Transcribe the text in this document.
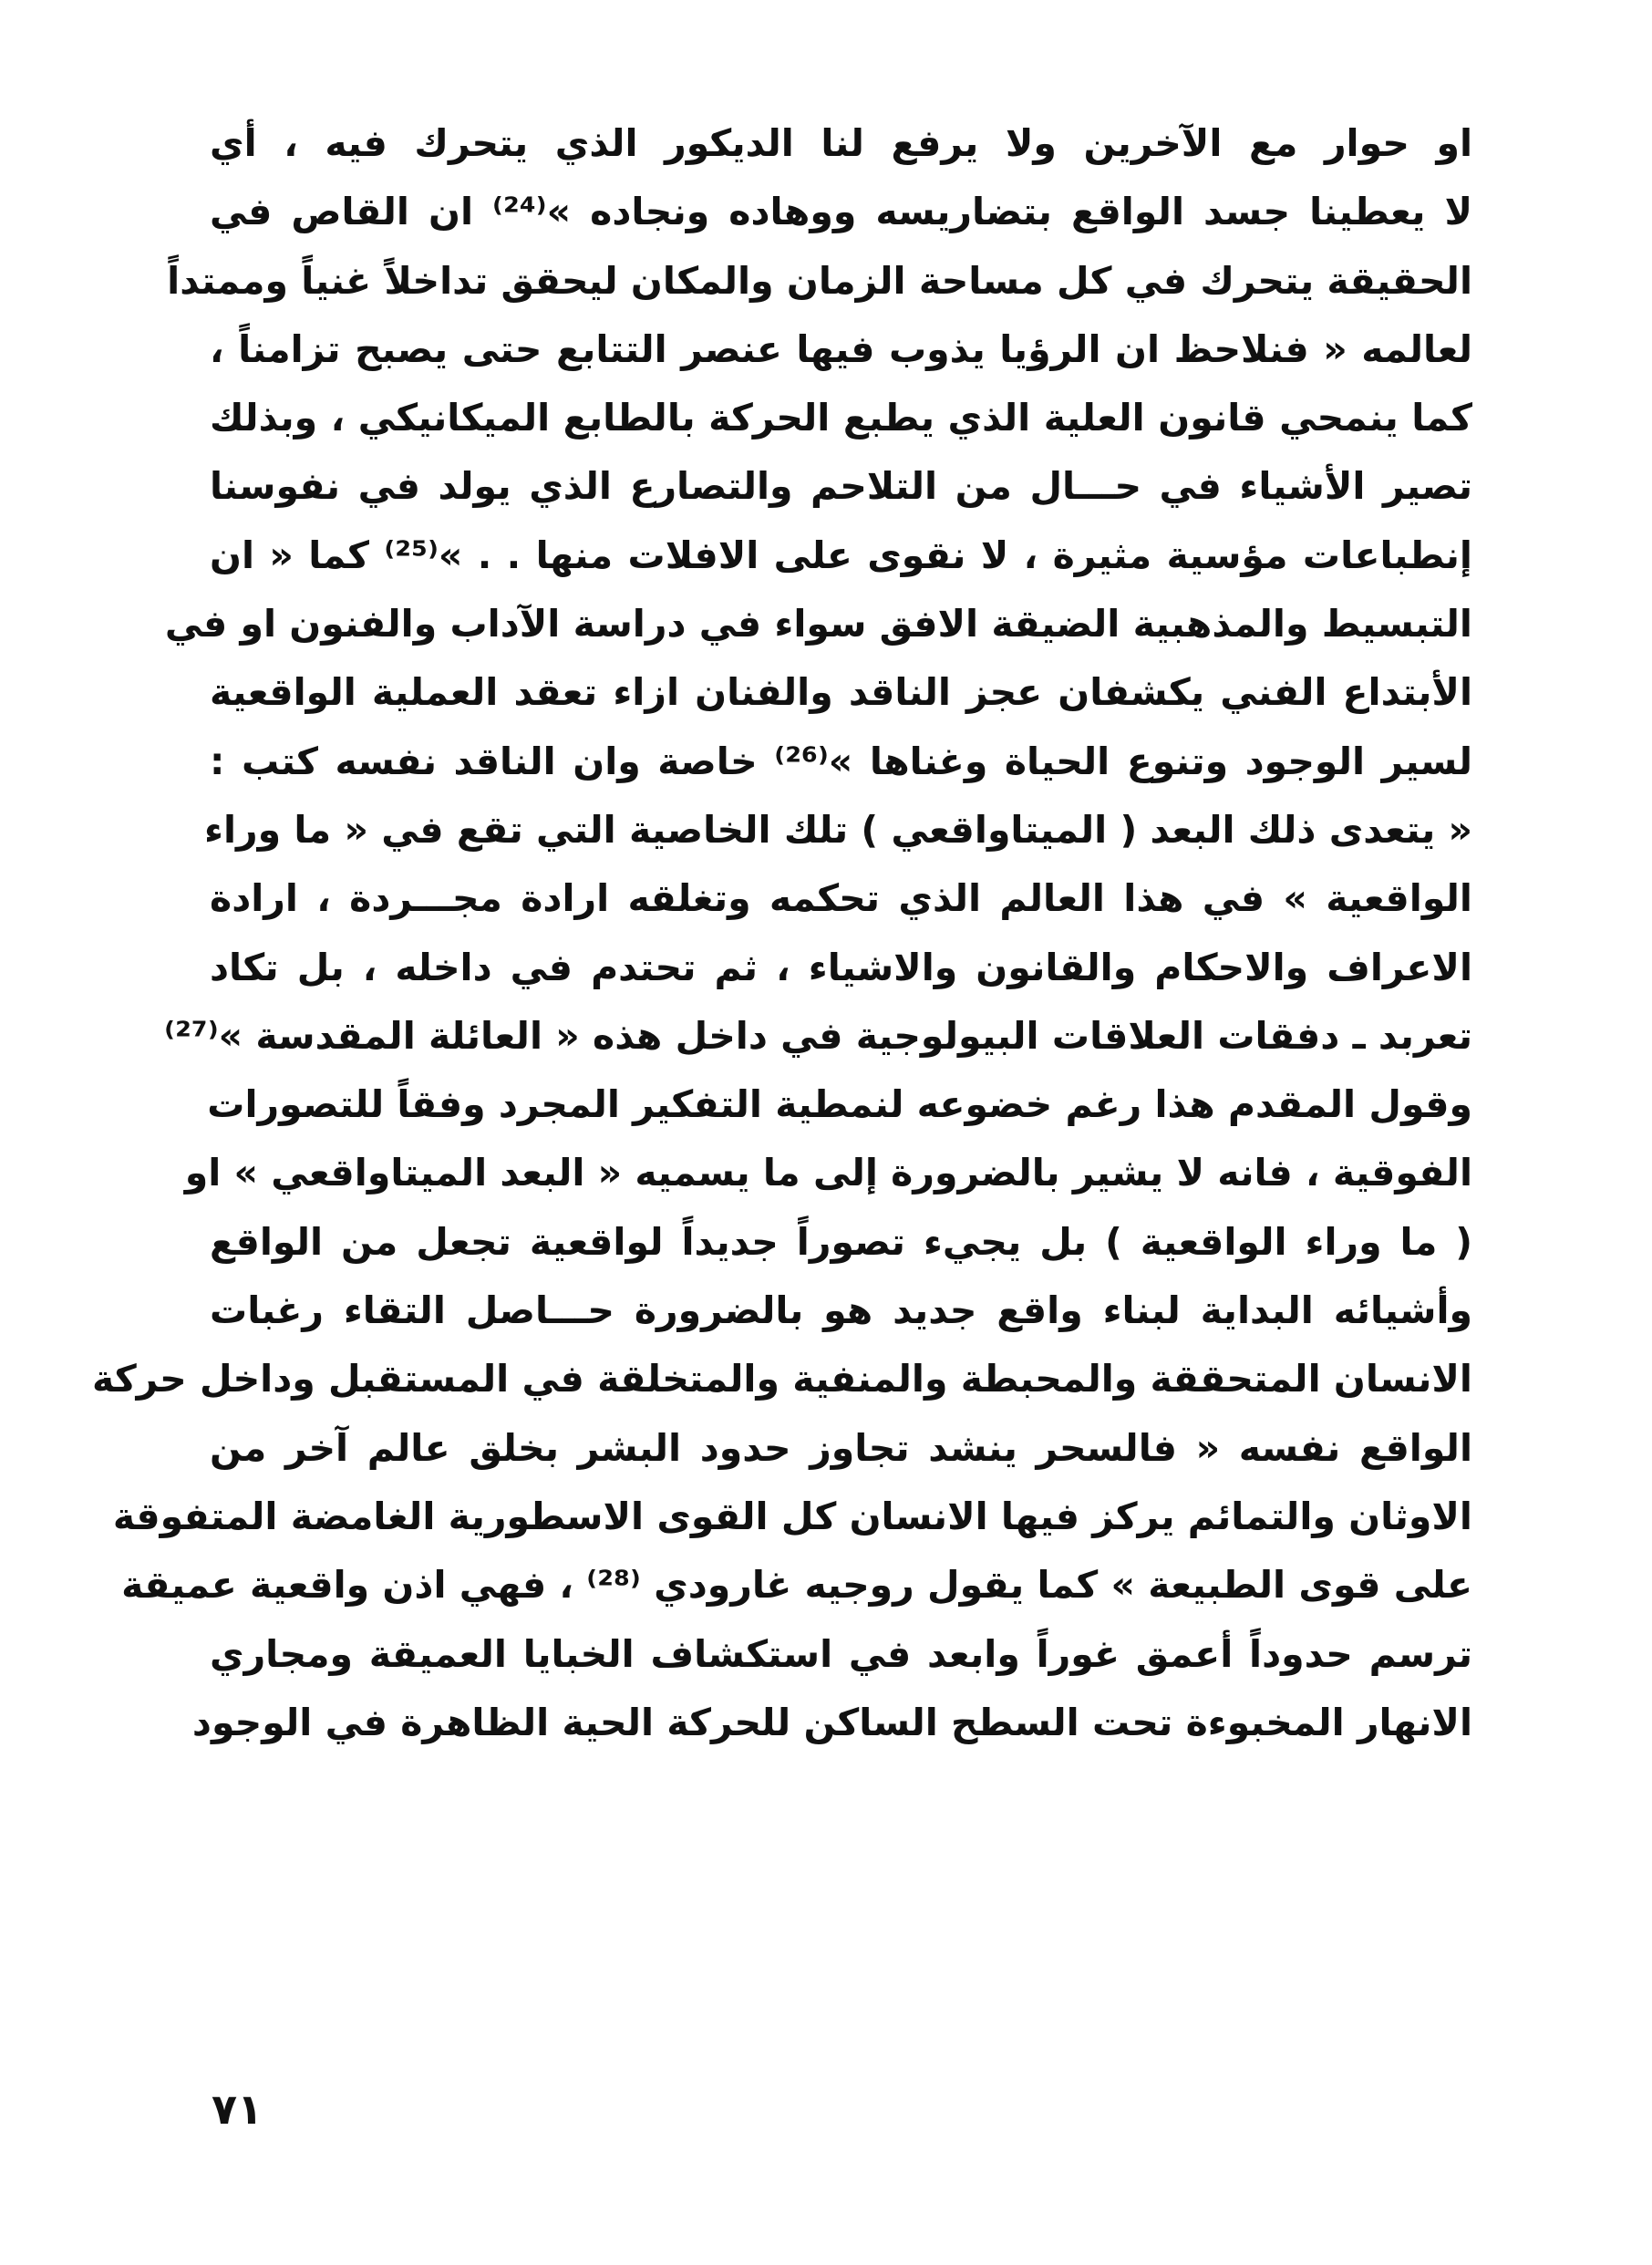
او حوار مع الآخرين ولا يرفع لنا الديكور الذي يتحرك فيه ، أي
لا يعطينا جسد الواقع بتضاريسه ووهاده ونجاده »⁽²⁴⁾ ان القاص في
الحقيقة يتحرك في كل مساحة الزمان والمكان ليحقق تداخلاً غنياً وممتداً
لعالمه « فنلاحظ ان الرؤيا يذوب فيها عنصر التتابع حتى يصبح تزامناً ،
كما ينمحي قانون العلية الذي يطبع الحركة بالطابع الميكانيكي ، وبذلك
تصير الأشياء في حـــال من التلاحم والتصارع الذي يولد في نفوسنا
إنطباعات مؤسية مثيرة ، لا نقوى على الافلات منها . . »⁽²⁵⁾ كما « ان
التبسيط والمذهبية الضيقة الافق سواء في دراسة الآداب والفنون او في
الأبتداع الفني يكشفان عجز الناقد والفنان ازاء تعقد العملية الواقعية
لسير الوجود وتنوع الحياة وغناها »⁽²⁶⁾ خاصة وان الناقد نفسه كتب :
« يتعدى ذلك البعد ( الميتاواقعي ) تلك الخاصية التي تقع في « ما وراء
الواقعية » في هذا العالم الذي تحكمه وتغلقه ارادة مجـــردة ، ارادة
الاعراف والاحكام والقانون والاشياء ، ثم تحتدم في داخله ، بل تكاد
تعربد ـ دفقات العلاقات البيولوجية في داخل هذه « العائلة المقدسة »⁽²⁷⁾
وقول المقدم هذا رغم خضوعه لنمطية التفكير المجرد وفقاً للتصورات
الفوقية ، فانه لا يشير بالضرورة إلى ما يسميه « البعد الميتاواقعي » او
( ما وراء الواقعية ) بل يجيء تصوراً جديداً لواقعية تجعل من الواقع
وأشيائه البداية لبناء واقع جديد هو بالضرورة حـــاصل التقاء رغبات
الانسان المتحققة والمحبطة والمنفية والمتخلقة في المستقبل وداخل حركة
الواقع نفسه « فالسحر ينشد تجاوز حدود البشر بخلق عالم آخر من
الاوثان والتمائم يركز فيها الانسان كل القوى الاسطورية الغامضة المتفوقة
على قوى الطبيعة » كما يقول روجيه غارودي ⁽²⁸⁾ ، فهي اذن واقعية عميقة
ترسم حدوداً أعمق غوراً وابعد في استكشاف الخبايا العميقة ومجاري
الانهار المخبوءة تحت السطح الساكن للحركة الحية الظاهرة في الوجود
٧١
